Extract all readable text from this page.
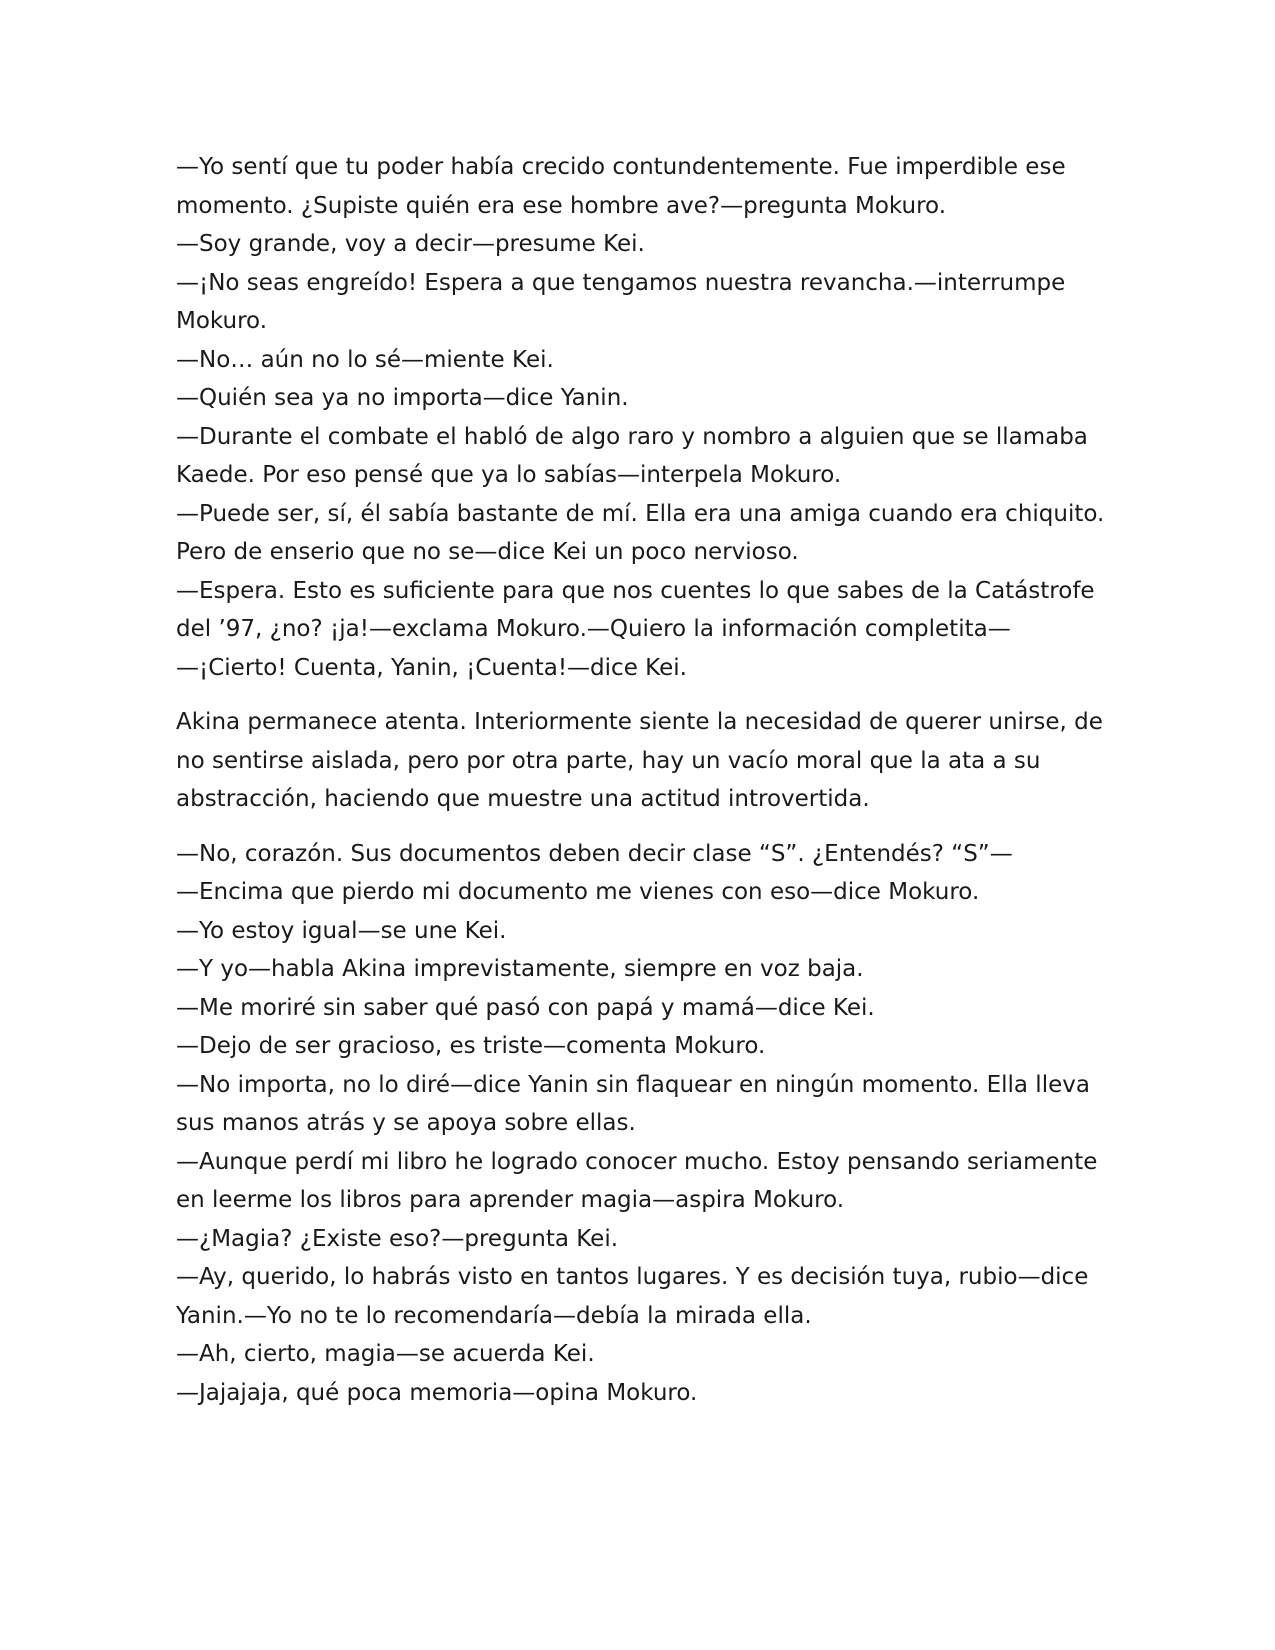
—Yo sentí que tu poder había crecido contundentemente. Fue imperdible ese momento. ¿Supiste quién era ese hombre ave?—pregunta Mokuro.

—Soy grande, voy a decir—presume Kei.

—¡No seas engreído! Espera a que tengamos nuestra revancha.—interrumpe Mokuro.

—No… aún no lo sé—miente Kei.

—Quién sea ya no importa—dice Yanin.

—Durante el combate el habló de algo raro y nombro a alguien que se llamaba Kaede. Por eso pensé que ya lo sabías—interpela Mokuro.

—Puede ser, sí, él sabía bastante de mí. Ella era una amiga cuando era chiquito. Pero de enserio que no se—dice Kei un poco nervioso.

—Espera. Esto es suficiente para que nos cuentes lo que sabes de la Catástrofe del ’97, ¿no? ¡ja!—exclama Mokuro.—Quiero la información completita—

—¡Cierto! Cuenta, Yanin, ¡Cuenta!—dice Kei.

Akina permanece atenta. Interiormente siente la necesidad de querer unirse, de no sentirse aislada, pero por otra parte, hay un vacío moral que la ata a su abstracción, haciendo que muestre una actitud introvertida.

—No, corazón. Sus documentos deben decir clase “S”. ¿Entendés? “S”—

—Encima que pierdo mi documento me vienes con eso—dice Mokuro.

—Yo estoy igual—se une Kei.

—Y yo—habla Akina imprevistamente, siempre en voz baja.

—Me moriré sin saber qué pasó con papá y mamá—dice Kei.

—Dejo de ser gracioso, es triste—comenta Mokuro.

—No importa, no lo diré—dice Yanin sin flaquear en ningún momento. Ella lleva sus manos atrás y se apoya sobre ellas.

—Aunque perdí mi libro he logrado conocer mucho. Estoy pensando seriamente en leerme los libros para aprender magia—aspira Mokuro.

—¿Magia? ¿Existe eso?—pregunta Kei.

—Ay, querido, lo habrás visto en tantos lugares. Y es decisión tuya, rubio—dice Yanin.—Yo no te lo recomendaría—debía la mirada ella.

—Ah, cierto, magia—se acuerda Kei.

—Jajajaja, qué poca memoria—opina Mokuro.
